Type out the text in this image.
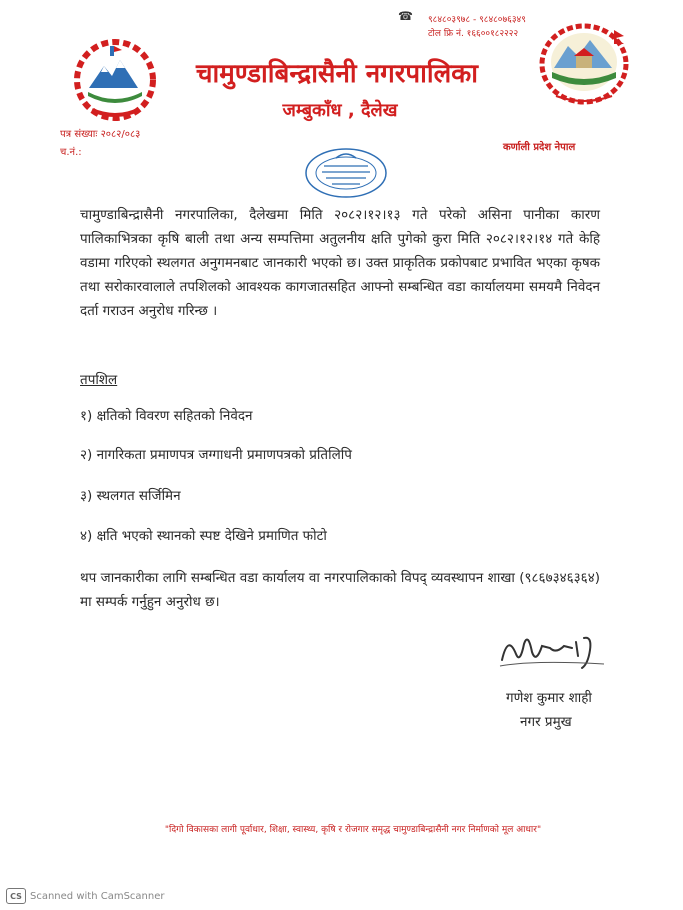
☎ ९८४८०३९७८ - ९८४८०७६३४९
टोल फ्रि नं. १६६००१८२२२२
चामुण्डाबिन्द्रासैनी नगरपालिका
जम्बुकाँध , दैलेख
पत्र संख्याः २०८२/०८३
च.नं.:	कर्णाली प्रदेश नेपाल
चामुण्डाबिन्द्रासैनी नगरपालिका, दैलेखमा मिति २०८२।१२।१३ गते परेको असिना पानीका कारण पालिकाभित्रका कृषि बाली तथा अन्य सम्पत्तिमा अतुलनीय क्षति पुगेको कुरा मिति २०८२।१२।१४ गते केहि वडामा गरिएको स्थलगत अनुगमनबाट जानकारी भएको छ। उक्त प्राकृतिक प्रकोपबाट प्रभावित भएका कृषक तथा सरोकारवालाले तपशिलको आवश्यक कागजातसहित आफ्नो सम्बन्धित वडा कार्यालयमा समयमै निवेदन दर्ता गराउन अनुरोध गरिन्छ ।
तपशिल
१) क्षतिको विवरण सहितको निवेदन
२) नागरिकता प्रमाणपत्र जग्गाधनी प्रमाणपत्रको प्रतिलिपि
३) स्थलगत सर्जिमिन
४) क्षति भएको स्थानको स्पष्ट देखिने प्रमाणित फोटो
थप जानकारीका लागि सम्बन्धित वडा कार्यालय वा नगरपालिकाको विपद् व्यवस्थापन शाखा (९८६७३४६३६४) मा सम्पर्क गर्नुहुन अनुरोध छ।
गणेश कुमार शाही
नगर प्रमुख
"दिगो विकासका लागी पूर्वाधार, शिक्षा, स्वास्थ्य, कृषि र रोजगार समृद्ध चामुण्डाबिन्द्रासैनी नगर निर्माणको मूल आधार"
CS Scanned with CamScanner
